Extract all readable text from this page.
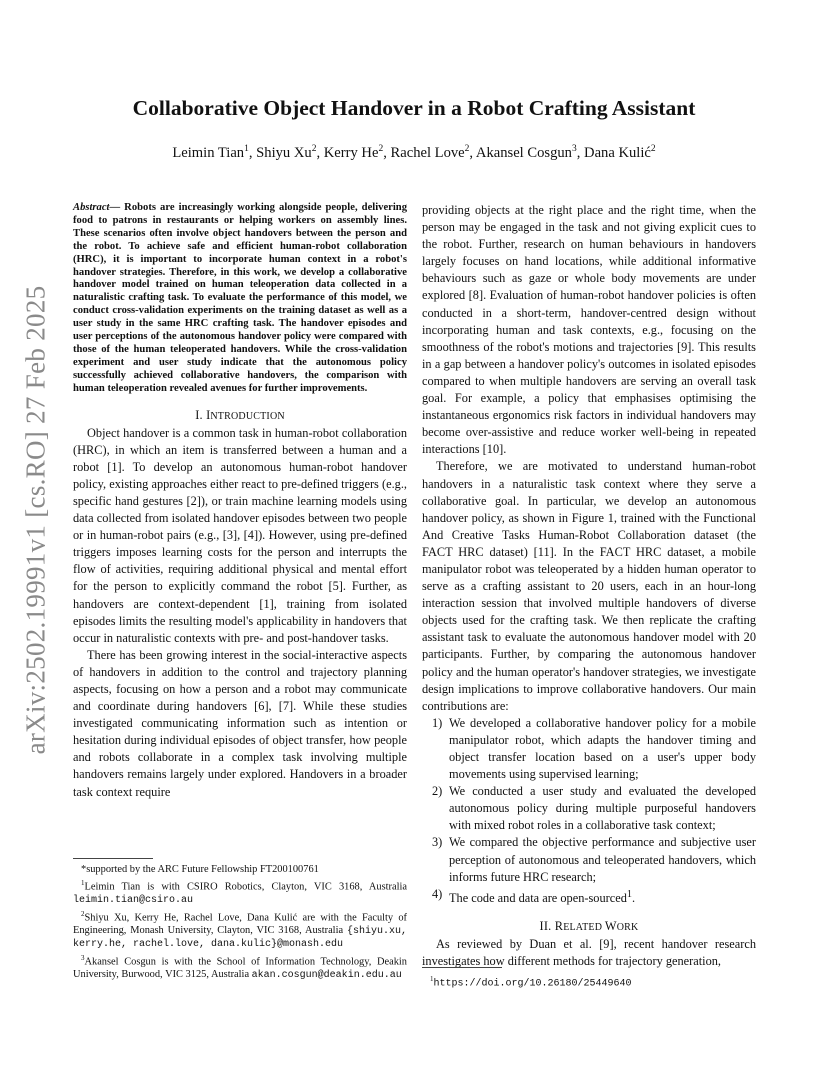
arXiv:2502.19991v1 [cs.RO] 27 Feb 2025
Collaborative Object Handover in a Robot Crafting Assistant
Leimin Tian$^1$, Shiyu Xu$^2$, Kerry He$^2$, Rachel Love$^2$, Akansel Cosgun$^3$, Dana Kulić$^2$

Abstract— Robots are increasingly working alongside people, delivering food to patrons in restaurants or helping workers on assembly lines. These scenarios often involve object handovers between the person and the robot. To achieve safe and efficient human-robot collaboration (HRC), it is important to incorporate human context in a robot's handover strategies. Therefore, in this work, we develop a collaborative handover model trained on human teleoperation data collected in a naturalistic crafting task. To evaluate the performance of this model, we conduct cross-validation experiments on the training dataset as well as a user study in the same HRC crafting task. The handover episodes and user perceptions of the autonomous handover policy were compared with those of the human teleoperated handovers. While the cross-validation experiment and user study indicate that the autonomous policy successfully achieved collaborative handovers, the comparison with human teleoperation revealed avenues for further improvements.

I. INTRODUCTION

Object handover is a common task in human-robot collaboration (HRC), in which an item is transferred between a human and a robot [1]. To develop an autonomous human-robot handover policy, existing approaches either react to pre-defined triggers (e.g., specific hand gestures [2]), or train machine learning models using data collected from isolated handover episodes between two people or in human-robot pairs (e.g., [3], [4]). However, using pre-defined triggers imposes learning costs for the person and interrupts the flow of activities, requiring additional physical and mental effort for the person to explicitly command the robot [5]. Further, as handovers are context-dependent [1], training from isolated episodes limits the resulting model's applicability in handovers that occur in naturalistic contexts with pre- and post-handover tasks.

There has been growing interest in the social-interactive aspects of handovers in addition to the control and trajectory planning aspects, focusing on how a person and a robot may communicate and coordinate during handovers [6], [7]. While these studies investigated communicating information such as intention or hesitation during individual episodes of object transfer, how people and robots collaborate in a complex task involving multiple handovers remains largely under explored. Handovers in a broader task context require

*supported by the ARC Future Fellowship FT200100761

$^1$Leimin Tian is with CSIRO Robotics, Clayton, VIC 3168, Australia leimin.tian@csiro.au

$^2$Shiyu Xu, Kerry He, Rachel Love, Dana Kulić are with the Faculty of Engineering, Monash University, Clayton, VIC 3168, Australia {shiyu.xu, kerry.he, rachel.love, dana.kulic}@monash.edu

$^3$Akansel Cosgun is with the School of Information Technology, Deakin University, Burwood, VIC 3125, Australia akan.cosgun@deakin.edu.au

providing objects at the right place and the right time, when the person may be engaged in the task and not giving explicit cues to the robot. Further, research on human behaviours in handovers largely focuses on hand locations, while additional informative behaviours such as gaze or whole body movements are under explored [8]. Evaluation of human-robot handover policies is often conducted in a short-term, handover-centred design without incorporating human and task contexts, e.g., focusing on the smoothness of the robot's motions and trajectories [9]. This results in a gap between a handover policy's outcomes in isolated episodes compared to when multiple handovers are serving an overall task goal. For example, a policy that emphasises optimising the instantaneous ergonomics risk factors in individual handovers may become over-assistive and reduce worker well-being in repeated interactions [10].

Therefore, we are motivated to understand human-robot handovers in a naturalistic task context where they serve a collaborative goal. In particular, we develop an autonomous handover policy, as shown in Figure 1, trained with the Functional And Creative Tasks Human-Robot Collaboration dataset (the FACT HRC dataset) [11]. In the FACT HRC dataset, a mobile manipulator robot was teleoperated by a hidden human operator to serve as a crafting assistant to 20 users, each in an hour-long interaction session that involved multiple handovers of diverse objects used for the crafting task. We then replicate the crafting assistant task to evaluate the autonomous handover model with 20 participants. Further, by comparing the autonomous handover policy and the human operator's handover strategies, we investigate design implications to improve collaborative handovers. Our main contributions are:

1) We developed a collaborative handover policy for a mobile manipulator robot, which adapts the handover timing and object transfer location based on a user's upper body movements using supervised learning;
2) We conducted a user study and evaluated the developed autonomous policy during multiple purposeful handovers with mixed robot roles in a collaborative task context;
3) We compared the objective performance and subjective user perception of autonomous and teleoperated handovers, which informs future HRC research;
4) The code and data are open-sourced$^1$.
II. RELATED WORK

As reviewed by Duan et al. [9], recent handover research investigates how different methods for trajectory generation,

$^1$https://doi.org/10.26180/25449640
